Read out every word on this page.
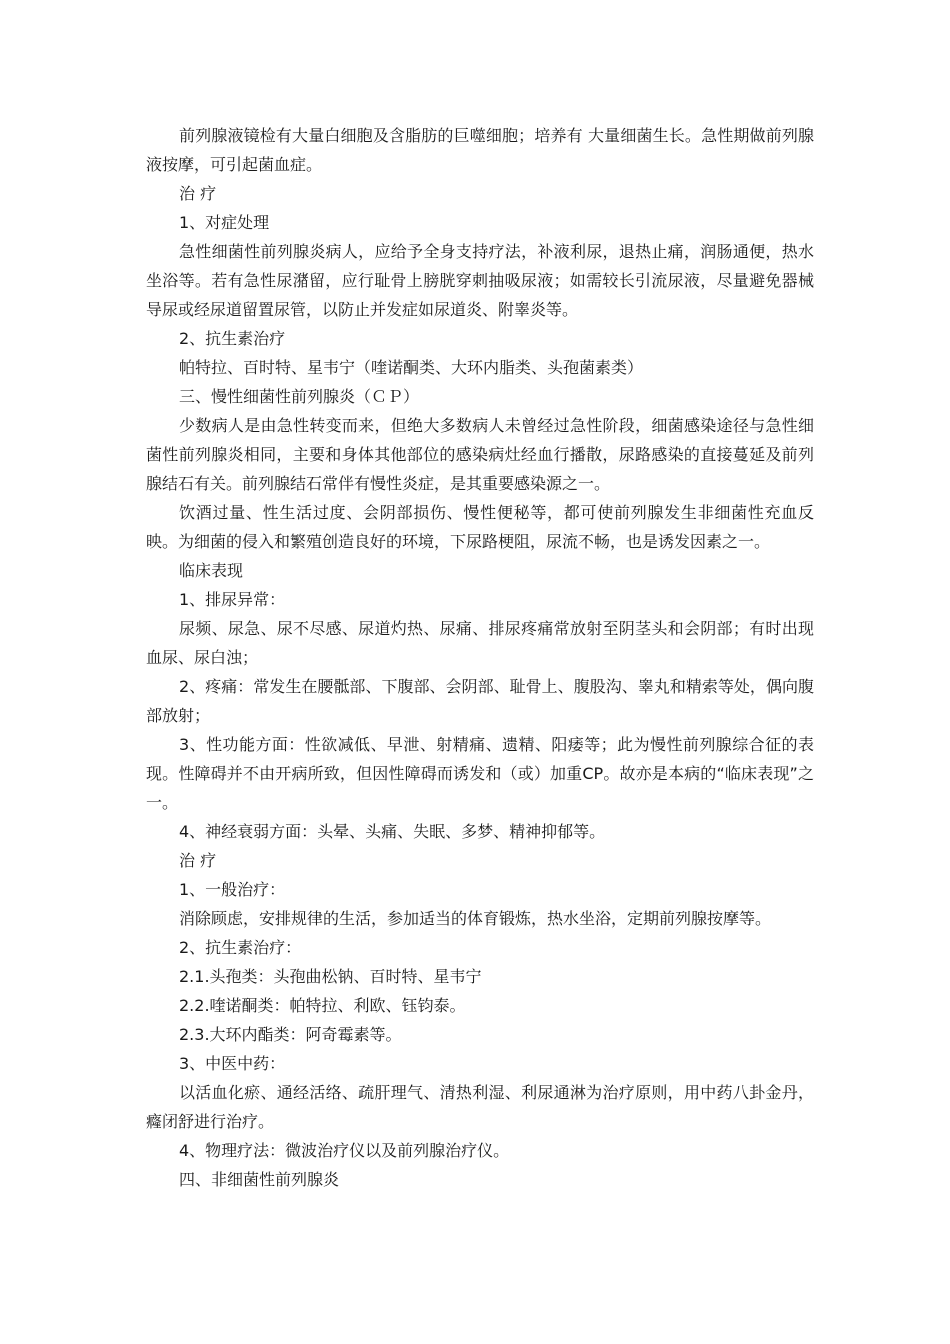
前列腺液镜检有大量白细胞及含脂肪的巨噬细胞；培养有 大量细菌生长。急性期做前列腺液按摩，可引起菌血症。

治 疗

1、对症处理

急性细菌性前列腺炎病人，应给予全身支持疗法，补液利尿，退热止痛，润肠通便，热水坐浴等。若有急性尿潴留，应行耻骨上膀胱穿刺抽吸尿液；如需较长引流尿液，尽量避免器械导尿或经尿道留置尿管，以防止并发症如尿道炎、附睾炎等。

2、抗生素治疗

帕特拉、百时特、星韦宁（喹诺酮类、大环内脂类、头孢菌素类）

三、慢性细菌性前列腺炎（ＣＰ）

少数病人是由急性转变而来，但绝大多数病人未曾经过急性阶段，细菌感染途径与急性细菌性前列腺炎相同，主要和身体其他部位的感染病灶经血行播散，尿路感染的直接蔓延及前列腺结石有关。前列腺结石常伴有慢性炎症，是其重要感染源之一。

饮酒过量、性生活过度、会阴部损伤、慢性便秘等，都可使前列腺发生非细菌性充血反映。为细菌的侵入和繁殖创造良好的环境，下尿路梗阻，尿流不畅，也是诱发因素之一。

临床表现

1、排尿异常：

尿频、尿急、尿不尽感、尿道灼热、尿痛、排尿疼痛常放射至阴茎头和会阴部；有时出现血尿、尿白浊；

2、疼痛：常发生在腰骶部、下腹部、会阴部、耻骨上、腹股沟、睾丸和精索等处，偶向腹部放射；

3、性功能方面：性欲减低、早泄、射精痛、遗精、阳痿等；此为慢性前列腺综合征的表现。性障碍并不由开病所致，但因性障碍而诱发和（或）加重CP。故亦是本病的“临床表现”之一。

4、神经衰弱方面：头晕、头痛、失眠、多梦、精神抑郁等。

治 疗

1、一般治疗：

消除顾虑，安排规律的生活，参加适当的体育锻炼，热水坐浴，定期前列腺按摩等。

2、抗生素治疗：

2.1.头孢类：头孢曲松钠、百时特、星韦宁

2.2.喹诺酮类：帕特拉、利欧、钰钧泰。

2.3.大环内酯类：阿奇霉素等。

3、中医中药：

以活血化瘀、通经活络、疏肝理气、清热利湿、利尿通淋为治疗原则，用中药八卦金丹，癃闭舒进行治疗。

4、物理疗法：微波治疗仪以及前列腺治疗仪。

四、非细菌性前列腺炎
